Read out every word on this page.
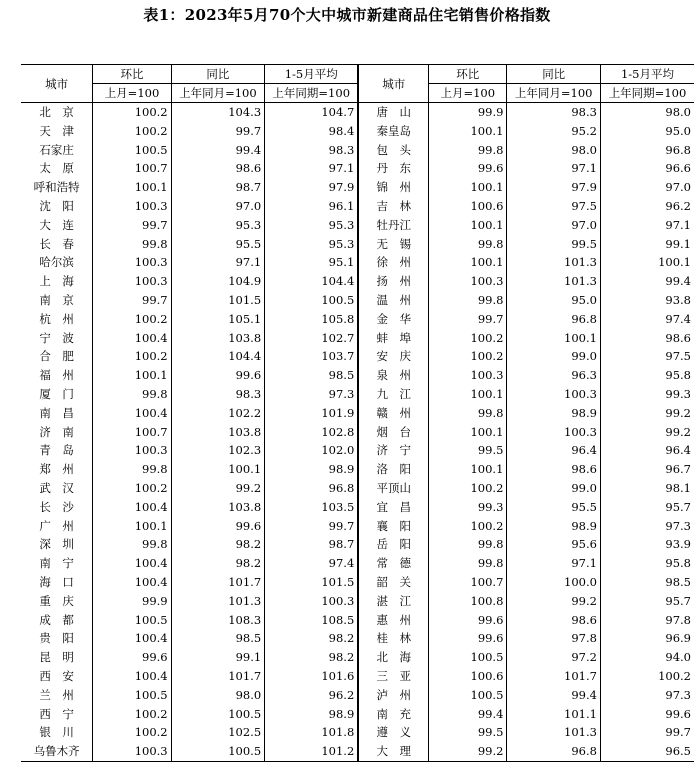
表1：2023年5月70个大中城市新建商品住宅销售价格指数
城市	环比	同比	1-5月平均	城市	环比	同比	1-5月平均
	上月=100	上年同月=100	上年同期=100		上月=100	上年同月=100	上年同期=100
北　京	100.2	104.3	104.7	唐　山	99.9	98.3	98.0
天　津	100.2	99.7	98.4	秦皇岛	100.1	95.2	95.0
石家庄	100.5	99.4	98.3	包　头	99.8	98.0	96.8
太　原	100.7	98.6	97.1	丹　东	99.6	97.1	96.6
呼和浩特	100.1	98.7	97.9	锦　州	100.1	97.9	97.0
沈　阳	100.3	97.0	96.1	吉　林	100.6	97.5	96.2
大　连	99.7	95.3	95.3	牡丹江	100.1	97.0	97.1
长　春	99.8	95.5	95.3	无　锡	99.8	99.5	99.1
哈尔滨	100.3	97.1	95.1	徐　州	100.1	101.3	100.1
上　海	100.3	104.9	104.4	扬　州	100.3	101.3	99.4
南　京	99.7	101.5	100.5	温　州	99.8	95.0	93.8
杭　州	100.2	105.1	105.8	金　华	99.7	96.8	97.4
宁　波	100.4	103.8	102.7	蚌　埠	100.2	100.1	98.6
合　肥	100.2	104.4	103.7	安　庆	100.2	99.0	97.5
福　州	100.1	99.6	98.5	泉　州	100.3	96.3	95.8
厦　门	99.8	98.3	97.3	九　江	100.1	100.3	99.3
南　昌	100.4	102.2	101.9	赣　州	99.8	98.9	99.2
济　南	100.7	103.8	102.8	烟　台	100.1	100.3	99.2
青　岛	100.3	102.3	102.0	济　宁	99.5	96.4	96.4
郑　州	99.8	100.1	98.9	洛　阳	100.1	98.6	96.7
武　汉	100.2	99.2	96.8	平顶山	100.2	99.0	98.1
长　沙	100.4	103.8	103.5	宜　昌	99.3	95.5	95.7
广　州	100.1	99.6	99.7	襄　阳	100.2	98.9	97.3
深　圳	99.8	98.2	98.7	岳　阳	99.8	95.6	93.9
南　宁	100.4	98.2	97.4	常　德	99.8	97.1	95.8
海　口	100.4	101.7	101.5	韶　关	100.7	100.0	98.5
重　庆	99.9	101.3	100.3	湛　江	100.8	99.2	95.7
成　都	100.5	108.3	108.5	惠　州	99.6	98.6	97.8
贵　阳	100.4	98.5	98.2	桂　林	99.6	97.8	96.9
昆　明	99.6	99.1	98.2	北　海	100.5	97.2	94.0
西　安	100.4	101.7	101.6	三　亚	100.6	101.7	100.2
兰　州	100.5	98.0	96.2	泸　州	100.5	99.4	97.3
西　宁	100.2	100.5	98.9	南　充	99.4	101.1	99.6
银　川	100.2	102.5	101.8	遵　义	99.5	101.3	99.7
乌鲁木齐	100.3	100.5	101.2	大　理	99.2	96.8	96.5
